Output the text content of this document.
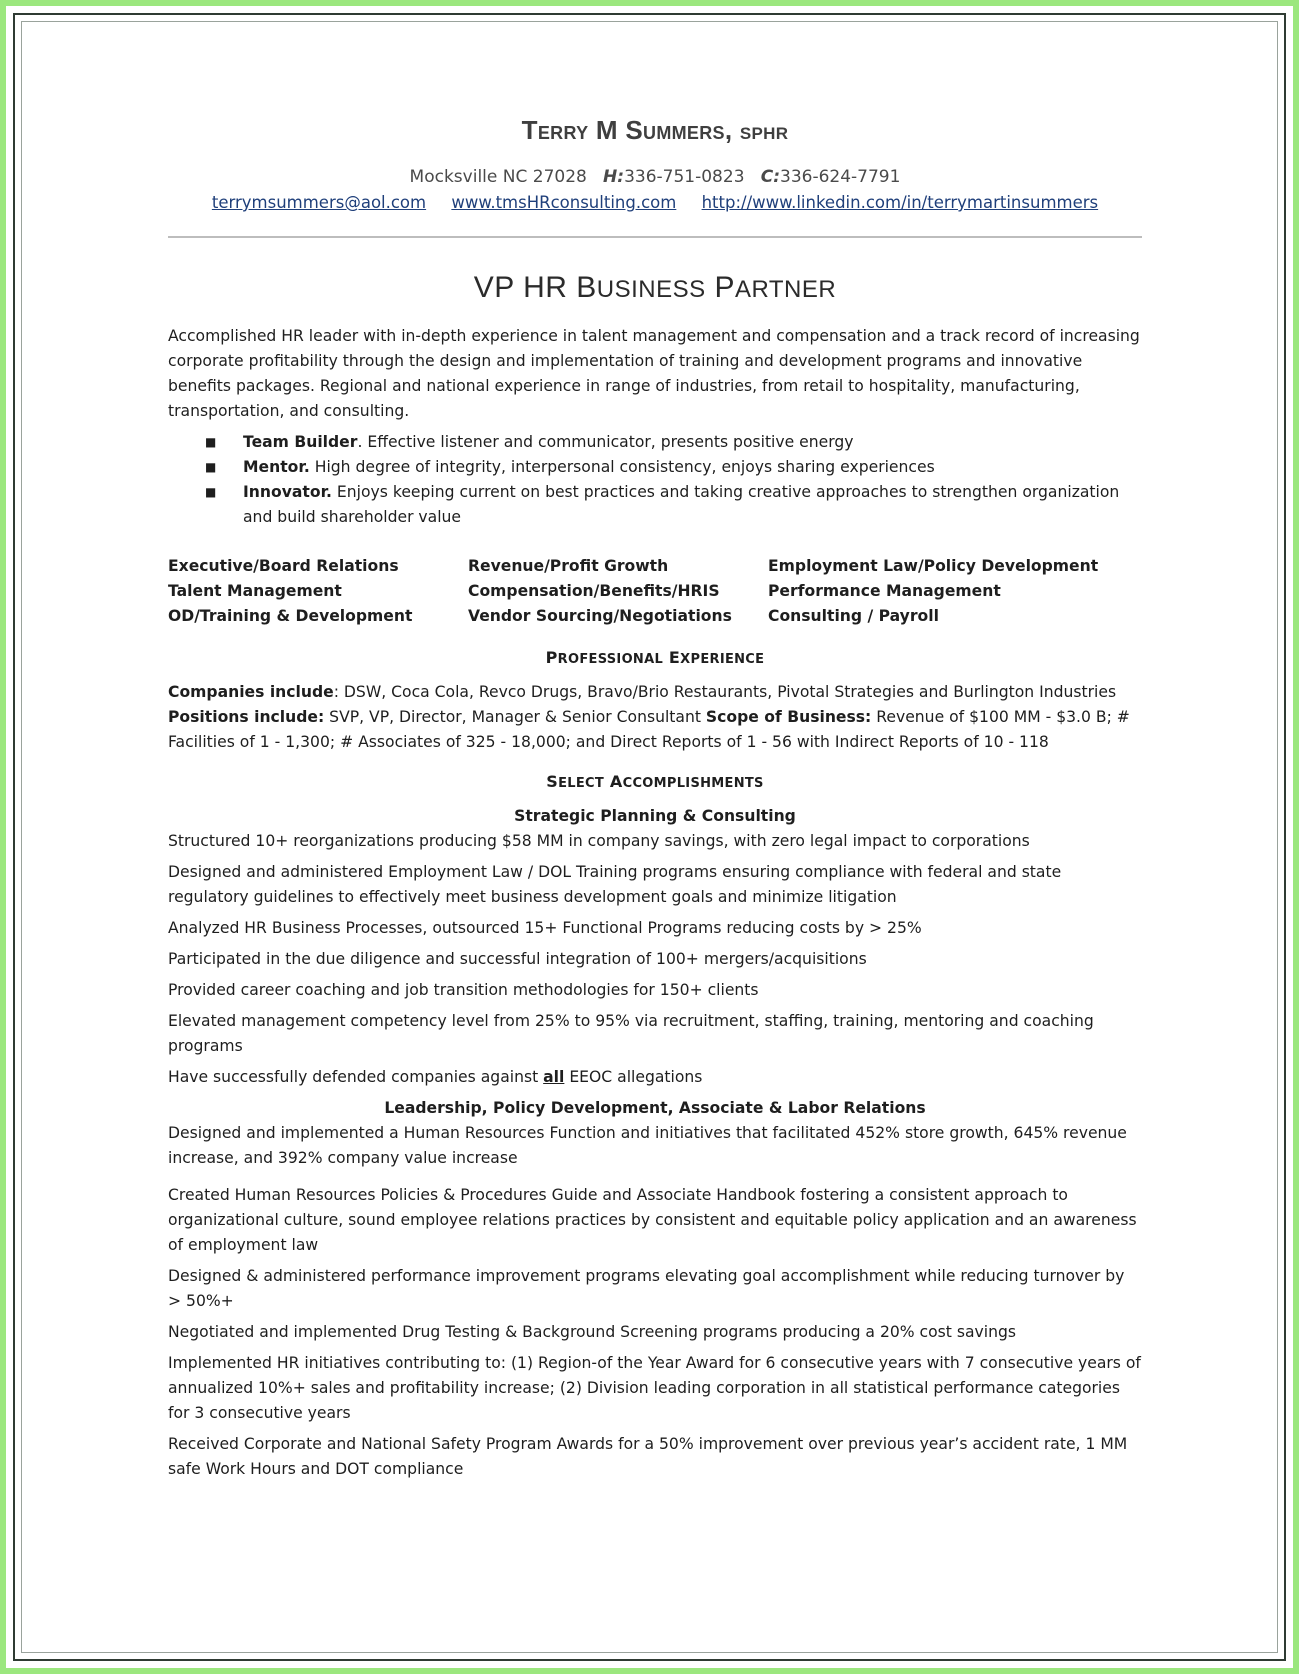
Terry M Summers, SPHR
Mocksville NC 27028 H:336-751-0823 C:336-624-7791
terrymsummers@aol.com www.tmsHRconsulting.com http://www.linkedin.com/in/terrymartinsummers
VP HR BUSINESS PARTNER

Accomplished HR leader with in-depth experience in talent management and compensation and a track record of increasing corporate profitability through the design and implementation of training and development programs and innovative benefits packages. Regional and national experience in range of industries, from retail to hospitality, manufacturing, transportation, and consulting.

■ Team Builder. Effective listener and communicator, presents positive energy
■ Mentor. High degree of integrity, interpersonal consistency, enjoys sharing experiences
■ Innovator. Enjoys keeping current on best practices and taking creative approaches to strengthen organization and build shareholder value
Executive/Board Relations	Revenue/Profit Growth	Employment Law/Policy Development
Talent Management	Compensation/Benefits/HRIS	Performance Management
OD/Training & Development	Vendor Sourcing/Negotiations	Consulting / Payroll
PROFESSIONAL EXPERIENCE
Companies include: DSW, Coca Cola, Revco Drugs, Bravo/Brio Restaurants, Pivotal Strategies and Burlington Industries Positions include: SVP, VP, Director, Manager & Senior Consultant Scope of Business: Revenue of $100 MM - $3.0 B; # Facilities of 1 - 1,300; # Associates of 325 - 18,000; and Direct Reports of 1 - 56 with Indirect Reports of 10 - 118
SELECT ACCOMPLISHMENTS
Strategic Planning & Consulting

Structured 10+ reorganizations producing $58 MM in company savings, with zero legal impact to corporations

Designed and administered Employment Law / DOL Training programs ensuring compliance with federal and state regulatory guidelines to effectively meet business development goals and minimize litigation

Analyzed HR Business Processes, outsourced 15+ Functional Programs reducing costs by > 25%

Participated in the due diligence and successful integration of 100+ mergers/acquisitions

Provided career coaching and job transition methodologies for 150+ clients

Elevated management competency level from 25% to 95% via recruitment, staffing, training, mentoring and coaching programs

Have successfully defended companies against all EEOC allegations

Leadership, Policy Development, Associate & Labor Relations

Designed and implemented a Human Resources Function and initiatives that facilitated 452% store growth, 645% revenue increase, and 392% company value increase

Created Human Resources Policies & Procedures Guide and Associate Handbook fostering a consistent approach to organizational culture, sound employee relations practices by consistent and equitable policy application and an awareness of employment law

Designed & administered performance improvement programs elevating goal accomplishment while reducing turnover by > 50%+

Negotiated and implemented Drug Testing & Background Screening programs producing a 20% cost savings

Implemented HR initiatives contributing to: (1) Region-of the Year Award for 6 consecutive years with 7 consecutive years of annualized 10%+ sales and profitability increase; (2) Division leading corporation in all statistical performance categories for 3 consecutive years

Received Corporate and National Safety Program Awards for a 50% improvement over previous year’s accident rate, 1 MM safe Work Hours and DOT compliance
